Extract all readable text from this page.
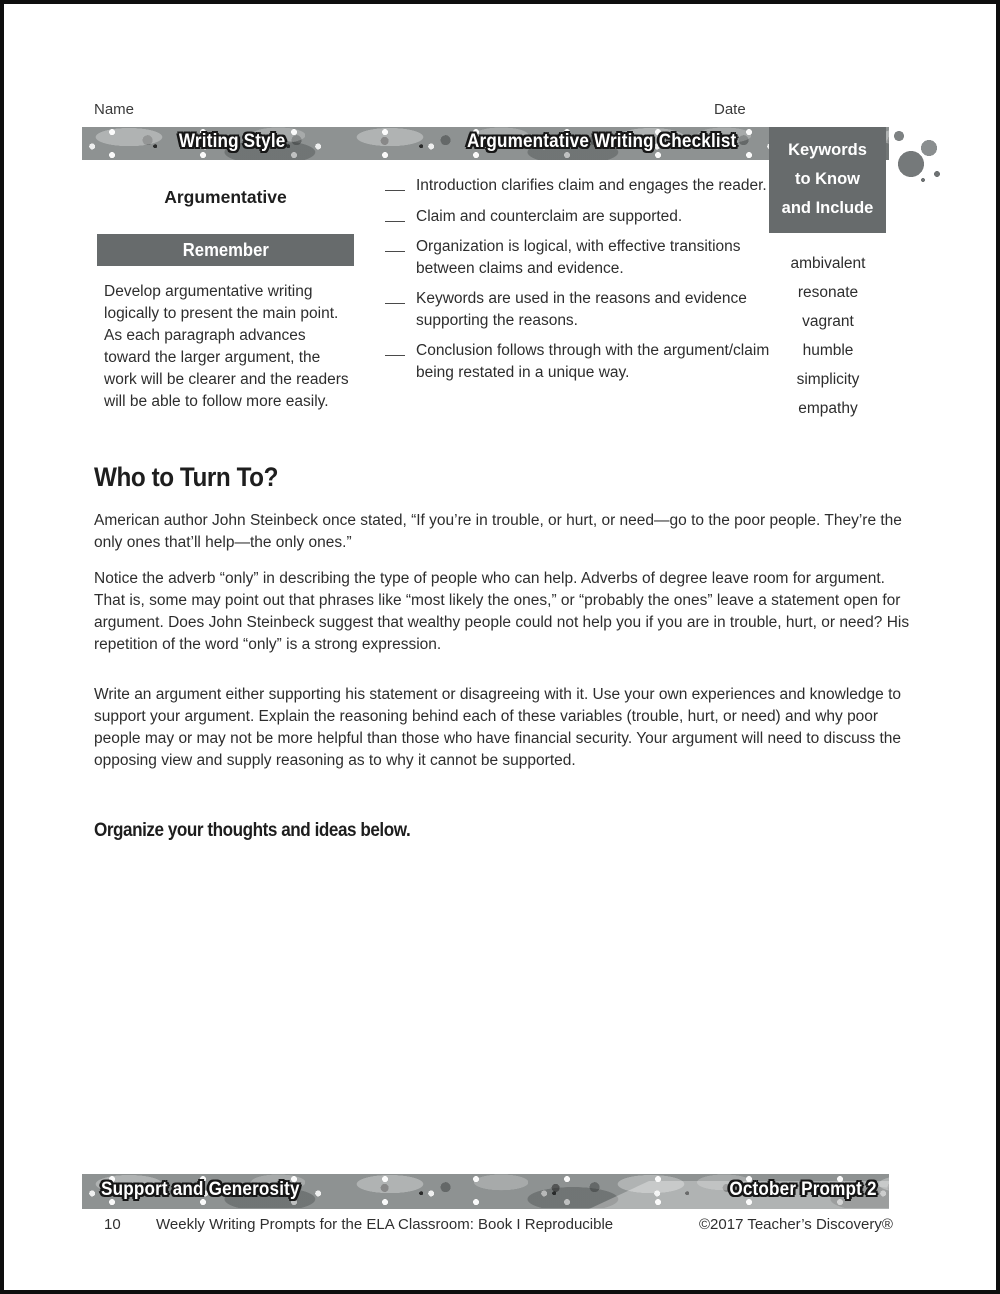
Name	Date
Writing Style	Argumentative Writing Checklist	Keywords
to Know
and Include
ambivalent
resonate
vagrant
humble
simplicity
empathy
Argumentative
Remember
Develop argumentative writing logically to present the main point. As each paragraph advances toward the larger argument, the work will be clearer and the readers will be able to follow more easily.
Introduction clarifies claim and engages the reader.
Claim and counterclaim are supported.
Organization is logical, with effective transitions between claims and evidence.
Keywords are used in the reasons and evidence supporting the reasons.
Conclusion follows through with the argument/claim being restated in a unique way.
Who to Turn To?
American author John Steinbeck once stated, “If you’re in trouble, or hurt, or need—go to the poor people. They’re the only ones that’ll help—the only ones.”
Notice the adverb “only” in describing the type of people who can help. Adverbs of degree leave room for argument. That is, some may point out that phrases like “most likely the ones,” or “probably the ones” leave a statement open for argument. Does John Steinbeck suggest that wealthy people could not help you if you are in trouble, hurt, or need? His repetition of the word “only” is a strong expression.
Write an argument either supporting his statement or disagreeing with it. Use your own experiences and knowledge to support your argument. Explain the reasoning behind each of these variables (trouble, hurt, or need) and why poor people may or may not be more helpful than those who have financial security. Your argument will need to discuss the opposing view and supply reasoning as to why it cannot be supported.
Organize your thoughts and ideas below.
Support and Generosity	October Prompt 2
10 Weekly Writing Prompts for the ELA Classroom: Book I Reproducible	©2017 Teacher’s Discovery®
